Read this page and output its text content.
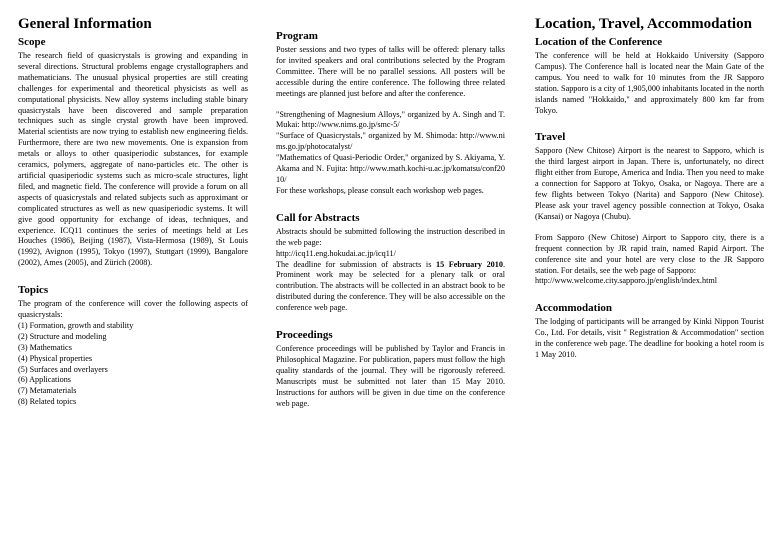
General Information
Scope

The research field of quasicrystals is growing and expanding in several directions. Structural problems engage crystallographers and mathematicians. The unusual physical properties are still creating challenges for experimental and theoretical physicists as well as computational physicists. New alloy systems including stable binary quasicrystals have been discovered and sample preparation techniques such as single crystal growth have been improved. Material scientists are now trying to establish new engineering fields. Furthermore, there are two new movements. One is expansion from metals or alloys to other quasiperiodic substances, for example ceramics, polymers, aggregate of nano-particles etc. The other is artificial quasiperiodic systems such as micro-scale structures, light filed, and magnetic field. The conference will provide a forum on all aspects of quasicrystals and related subjects such as approximant or complicated structures as well as new quasiperiodic systems. It will give good opportunity for exchange of ideas, techniques, and experience. ICQ11 continues the series of meetings held at Les Houches (1986), Beijing (1987), Vista-Hermosa (1989), St Louis (1992), Avignon (1995), Tokyo (1997), Stuttgart (1999), Bangalore (2002), Ames (2005), and Zürich (2008).

Topics

The program of the conference will cover the following aspects of quasicrystals:

(1) Formation, growth and stability
(2) Structure and modeling
(3) Mathematics
(4) Physical properties
(5) Surfaces and overlayers
(6) Applications
(7) Metamaterials
(8) Related topics
Program

Poster sessions and two types of talks will be offered: plenary talks for invited speakers and oral contributions selected by the Program Committee. There will be no parallel sessions. All posters will be accessible during the entire conference. The following three related meetings are planned just before and after the conference.

"Strengthening of Magnesium Alloys," organized by A. Singh and T. Mukai: http://www.nims.go.jp/smc-5/

"Surface of Quasicrystals," organized by M. Shimoda: http://www.nims.go.jp/photocatalyst/

"Mathematics of Quasi-Periodic Order," organized by S. Akiyama, Y. Akama and N. Fujita: http://www.math.kochi-u.ac.jp/komatsu/conf2010/

For these workshops, please consult each workshop web pages.

Call for Abstracts

Abstracts should be submitted following the instruction described in the web page:

http://icq11.eng.hokudai.ac.jp/icq11/

The deadline for submission of abstracts is 15 February 2010. Prominent work may be selected for a plenary talk or oral contribution. The abstracts will be collected in an abstract book to be distributed during the conference. They will be also accessible on the conference web page.

Proceedings

Conference proceedings will be published by Taylor and Francis in Philosophical Magazine. For publication, papers must follow the high quality standards of the journal. They will be rigorously refereed. Manuscripts must be submitted not later than 15 May 2010. Instructions for authors will be given in due time on the conference web page.

Location, Travel, Accommodation
Location of the Conference

The conference will be held at Hokkaido University (Sapporo Campus). The Conference hall is located near the Main Gate of the campus. You need to walk for 10 minutes from the JR Sapporo station. Sapporo is a city of 1,905,000 inhabitants located in the north islands named "Hokkaido," and approximately 800 km far from Tokyo.

Travel

Sapporo (New Chitose) Airport is the nearest to Sapporo, which is the third largest airport in Japan. There is, unfortunately, no direct flight either from Europe, America and India. Then you need to make a connection for Sapporo at Tokyo, Osaka, or Nagoya. There are a few flights between Tokyo (Narita) and Sapporo (New Chitose). Please ask your travel agency possible connection at Tokyo, Osaka (Kansai) or Nagoya (Chubu).

From Sapporo (New Chitose) Airport to Sapporo city, there is a frequent connection by JR rapid train, named Rapid Airport. The conference site and your hotel are very close to the JR Sapporo station. For details, see the web page of Sapporo:

http://www.welcome.city.sapporo.jp/english/index.html

Accommodation

The lodging of participants will be arranged by Kinki Nippon Tourist Co., Ltd. For details, visit " Registration & Accommodation" section in the conference web page. The deadline for booking a hotel room is 1 May 2010.
